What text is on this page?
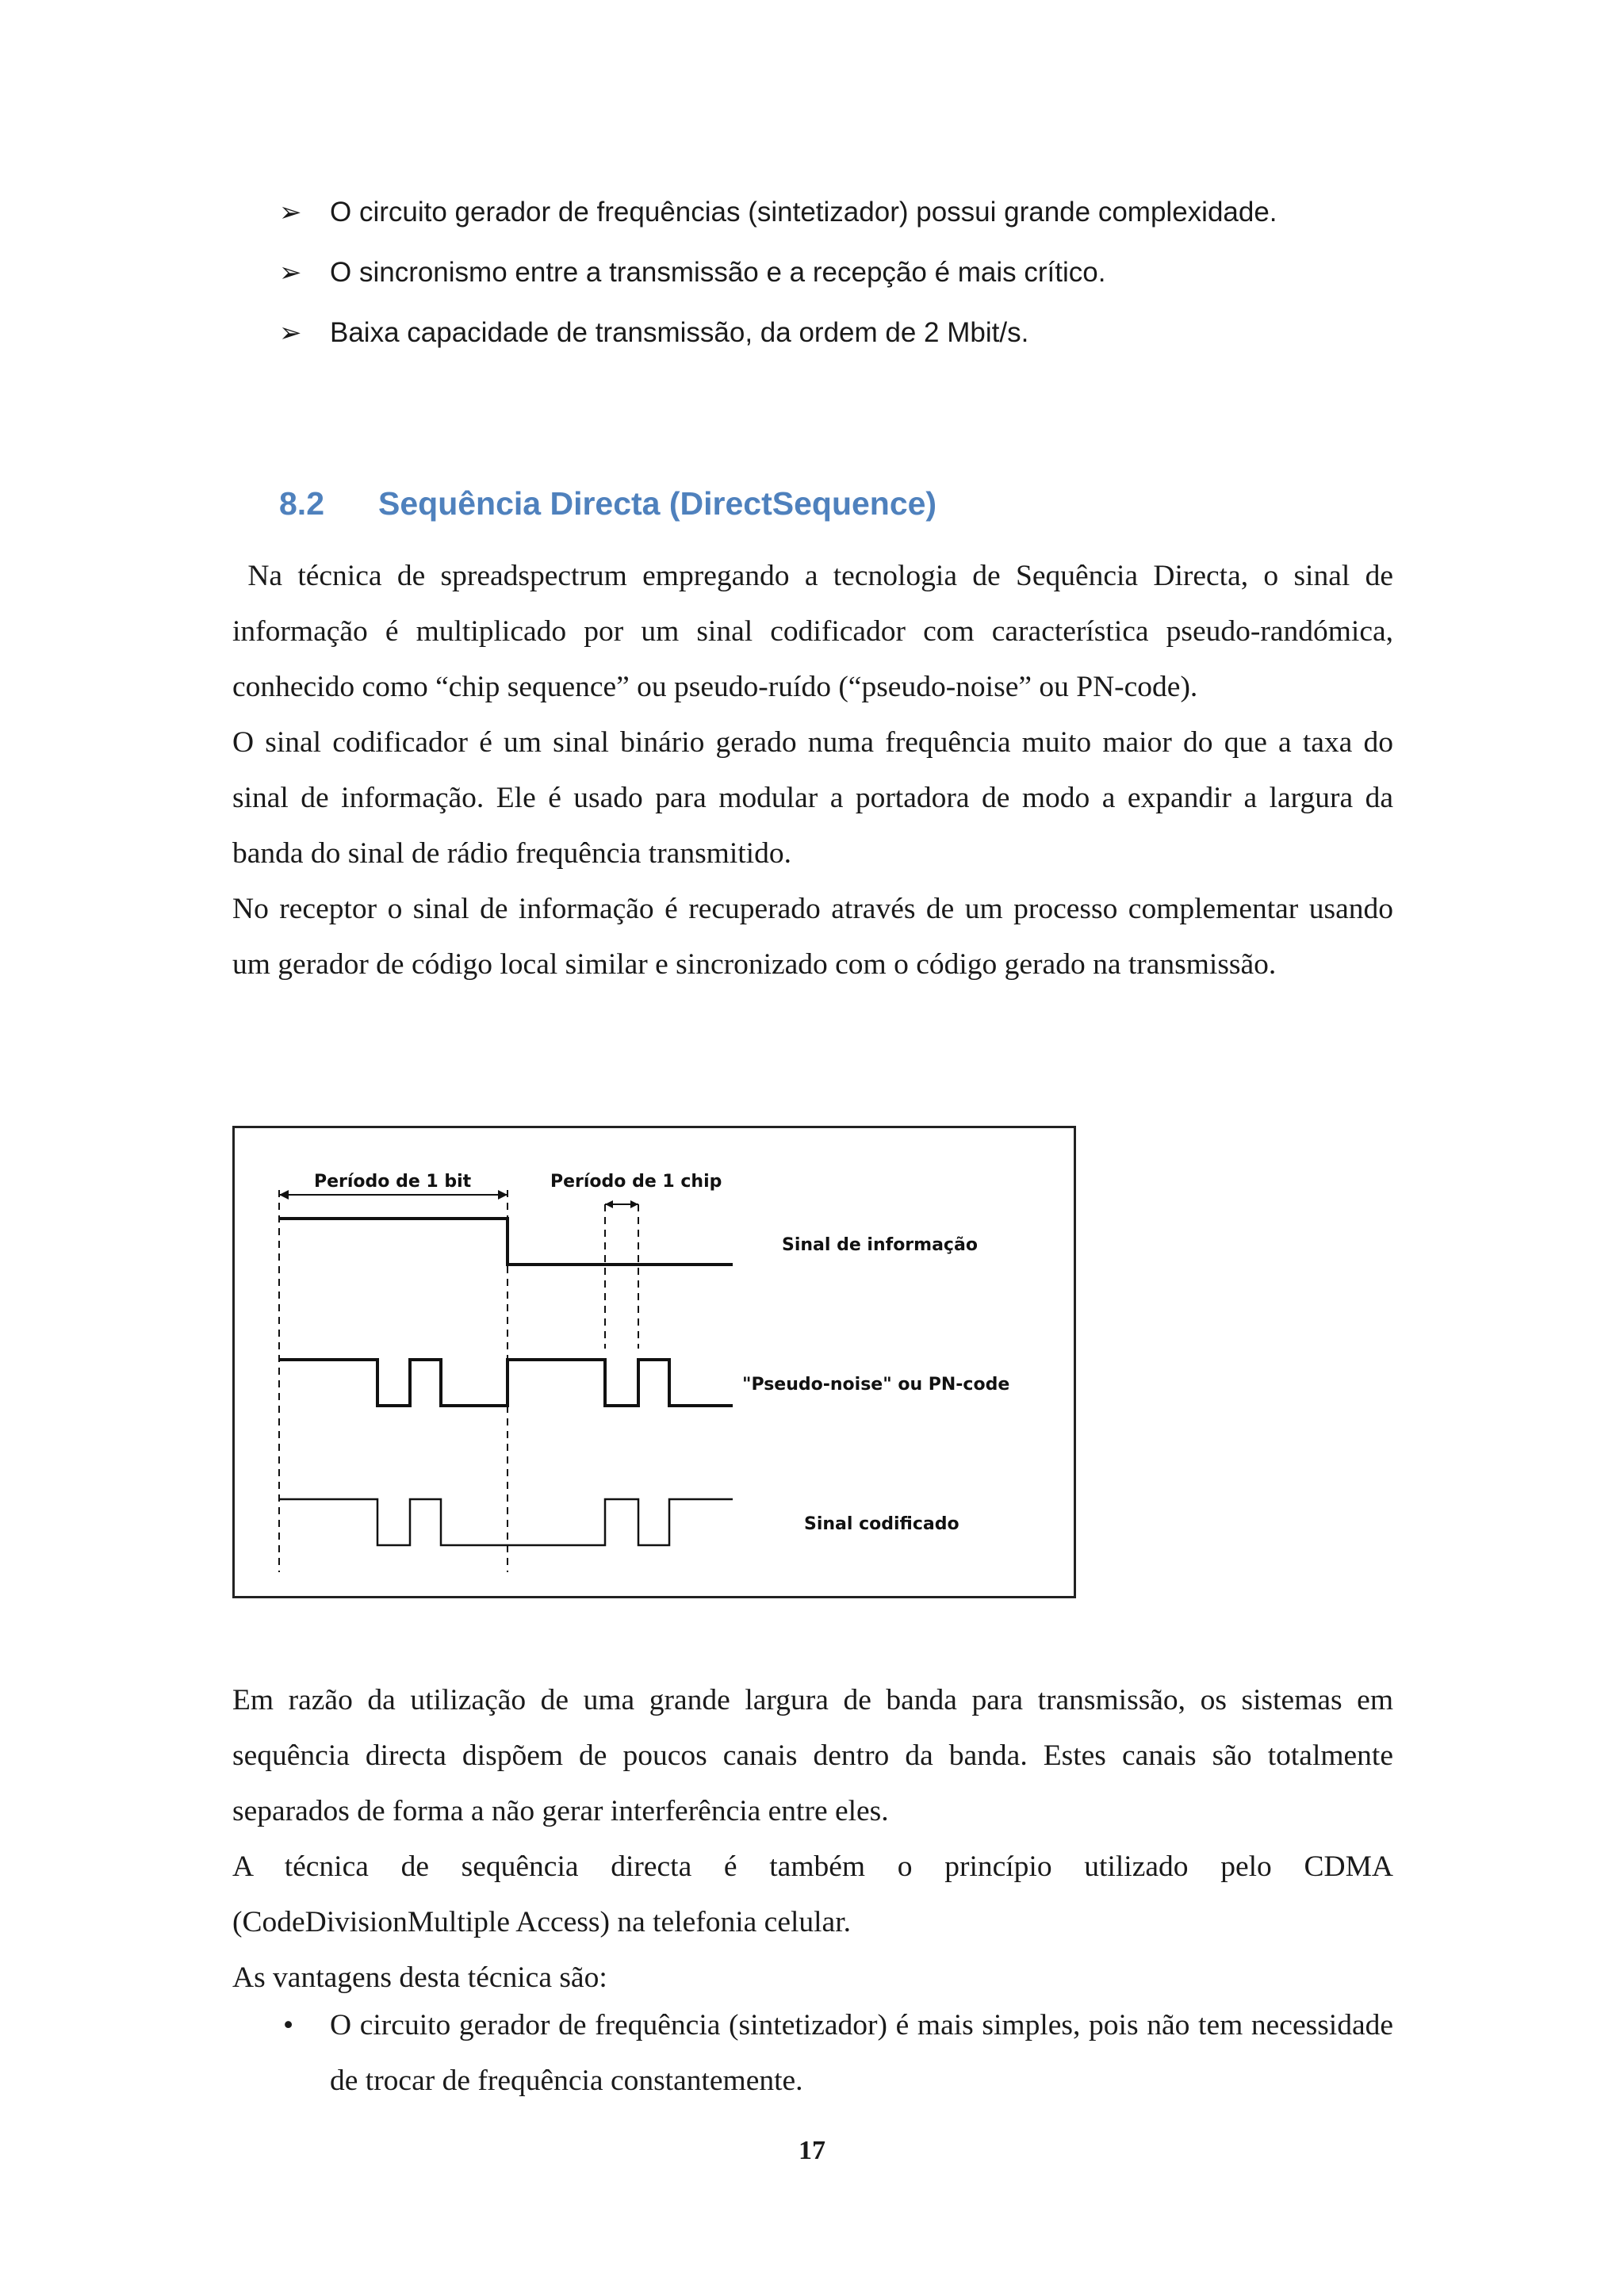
➢	O circuito gerador de frequências (sintetizador) possui grande complexidade.
➢	O sincronismo entre a transmissão e a recepção é mais crítico.
➢	Baixa capacidade de transmissão, da ordem de 2 Mbit/s.
8.2 Sequência Directa (DirectSequence)

Na técnica de spreadspectrum empregando a tecnologia de Sequência Directa, o sinal de informação é multiplicado por um sinal codificador com característica pseudo-randómica, conhecido como “chip sequence” ou pseudo-ruído (“pseudo-noise” ou PN-code).

O sinal codificador é um sinal binário gerado numa frequência muito maior do que a taxa do sinal de informação. Ele é usado para modular a portadora de modo a expandir a largura da banda do sinal de rádio frequência transmitido.

No receptor o sinal de informação é recuperado através de um processo complementar usando um gerador de código local similar e sincronizado com o código gerado na transmissão.

Período de 1 bit	Período de 1 chip
Sinal de informação
"Pseudo-noise" ou PN-code
Sinal codificado

Em razão da utilização de uma grande largura de banda para transmissão, os sistemas em sequência directa dispõem de poucos canais dentro da banda. Estes canais são totalmente separados de forma a não gerar interferência entre eles.

A técnica de sequência directa é também o princípio utilizado pelo CDMA (CodeDivisionMultiple Access) na telefonia celular.

As vantagens desta técnica são:

• O circuito gerador de frequência (sintetizador) é mais simples, pois não tem necessidade de trocar de frequência constantemente.
17
